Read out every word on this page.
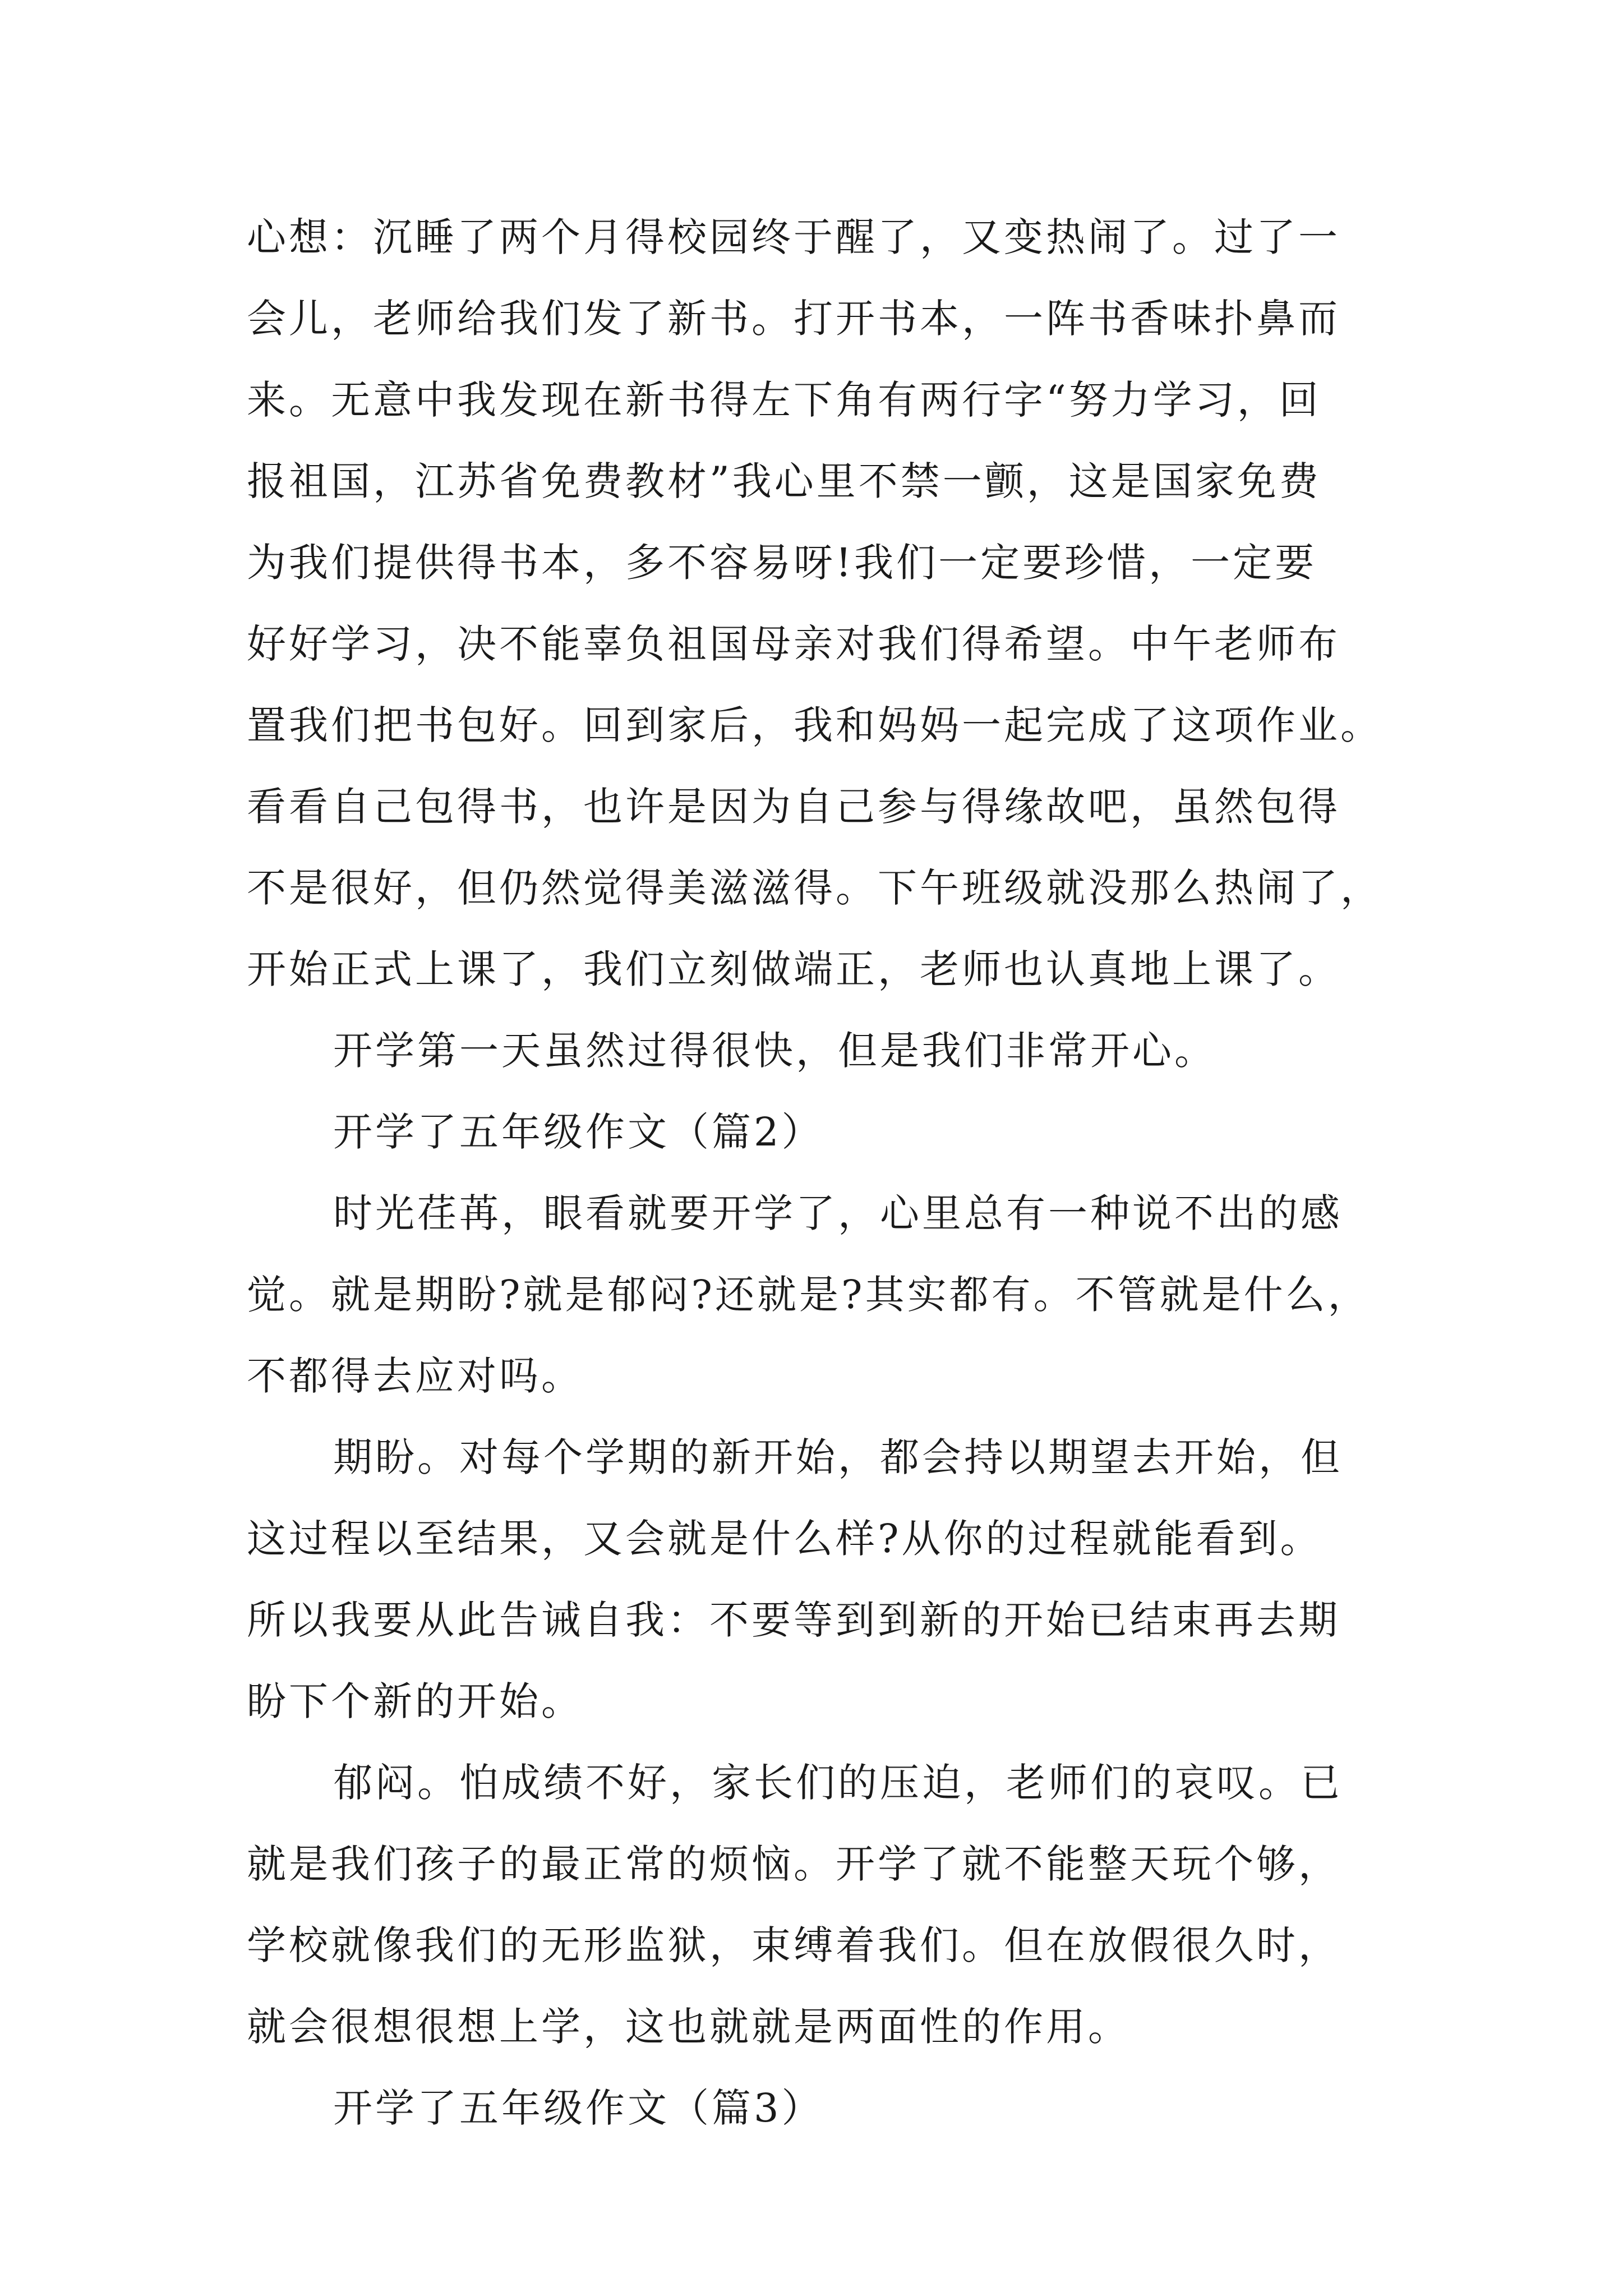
心想：沉睡了两个月得校园终于醒了，又变热闹了。过了一
会儿，老师给我们发了新书。打开书本，一阵书香味扑鼻而
来。无意中我发现在新书得左下角有两行字“努力学习，回
报祖国，江苏省免费教材”我心里不禁一颤，这是国家免费
为我们提供得书本，多不容易呀!我们一定要珍惜，一定要
好好学习，决不能辜负祖国母亲对我们得希望。中午老师布
置我们把书包好。回到家后，我和妈妈一起完成了这项作业。
看看自己包得书，也许是因为自己参与得缘故吧，虽然包得
不是很好，但仍然觉得美滋滋得。下午班级就没那么热闹了，
开始正式上课了，我们立刻做端正，老师也认真地上课了。
开学第一天虽然过得很快，但是我们非常开心。
开学了五年级作文（篇2）
时光荏苒，眼看就要开学了，心里总有一种说不出的感
觉。就是期盼?就是郁闷?还就是?其实都有。不管就是什么，
不都得去应对吗。
期盼。对每个学期的新开始，都会持以期望去开始，但
这过程以至结果，又会就是什么样?从你的过程就能看到。
所以我要从此告诫自我：不要等到到新的开始已结束再去期
盼下个新的开始。
郁闷。怕成绩不好，家长们的压迫，老师们的哀叹。已
就是我们孩子的最正常的烦恼。开学了就不能整天玩个够，
学校就像我们的无形监狱，束缚着我们。但在放假很久时，
就会很想很想上学，这也就就是两面性的作用。
开学了五年级作文（篇3）
